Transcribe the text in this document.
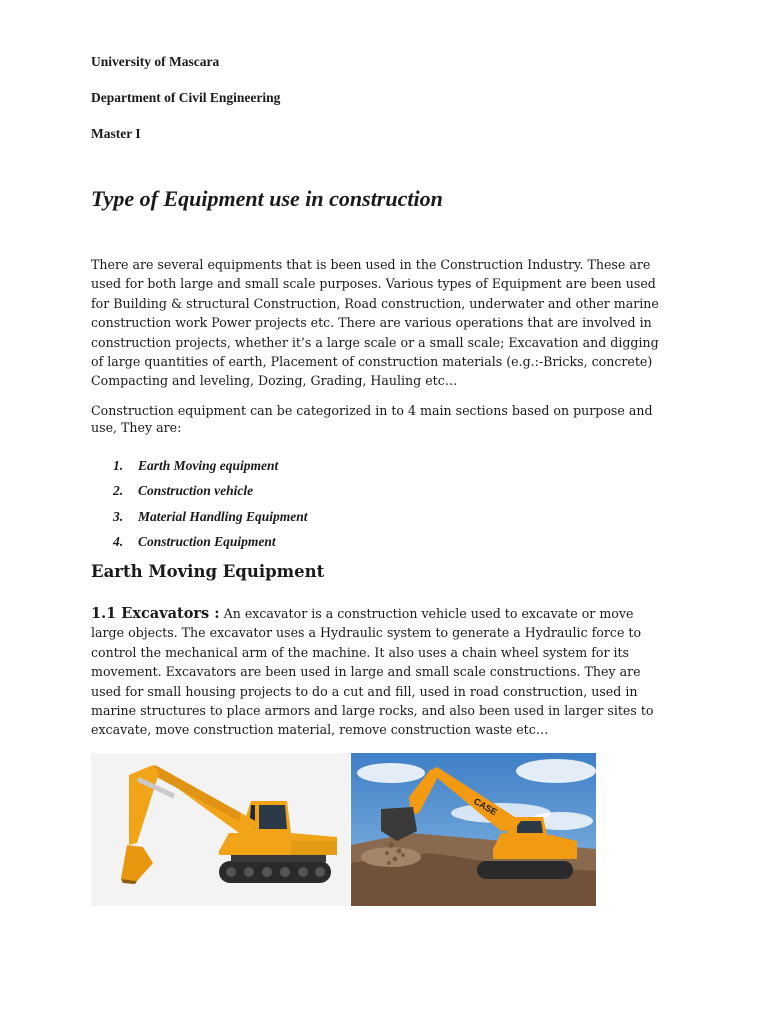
University of Mascara

Department of Civil Engineering

Master I

Type of Equipment use in construction

There are several equipments that is been used in the Construction Industry. These are used for both large and small scale purposes. Various types of Equipment are been used for Building & structural Construction, Road construction, underwater and other marine construction work Power projects etc. There are various operations that are involved in construction projects, whether it’s a large scale or a small scale; Excavation and digging of large quantities of earth, Placement of construction materials (e.g.:-Bricks, concrete) Compacting and leveling, Dozing, Grading, Hauling etc…

Construction equipment can be categorized in to 4 main sections based on purpose and use, They are:

1. Earth Moving equipment
2. Construction vehicle
3. Material Handling Equipment
4. Construction Equipment
Earth Moving Equipment

1.1 Excavators : An excavator is a construction vehicle used to excavate or move large objects. The excavator uses a Hydraulic system to generate a Hydraulic force to control the mechanical arm of the machine. It also uses a chain wheel system for its movement. Excavators are been used in large and small scale constructions. They are used for small housing projects to do a cut and fill, used in road construction, used in marine structures to place armors and large rocks, and also been used in larger sites to excavate, move construction material, remove construction waste etc…

CASE
